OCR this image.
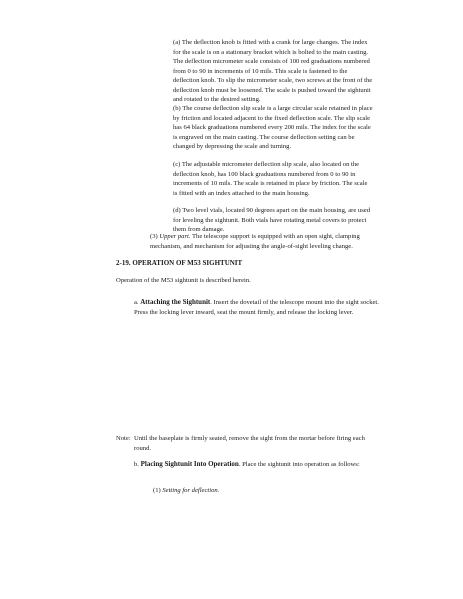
(a) The deflection knob is fitted with a crank for large changes. The index for the scale is on a stationary bracket which is bolted to the main casting. The deflection micrometer scale consists of 100 red graduations numbered from 0 to 90 in increments of 10 mils. This scale is fastened to the deflection knob. To slip the micrometer scale, two screws at the front of the deflection knob must be loosened. The scale is pushed toward the sightunit and rotated to the desired setting.

(b) The course deflection slip scale is a large circular scale retained in place by friction and located adjacent to the fixed deflection scale. The slip scale has 64 black graduations numbered every 200 mils. The index for the scale is engraved on the main casting. The course deflection setting can be changed by depressing the scale and turning.

(c) The adjustable micrometer deflection slip scale, also located on the deflection knob, has 100 black graduations numbered from 0 to 90 in increments of 10 mils. The scale is retained in place by friction. The scale is fitted with an index attached to the main housing.

(d) Two level vials, located 90 degrees apart on the main housing, are used for leveling the sightunit. Both vials have rotating metal covers to protect them from damage.

(3) Upper part. The telescope support is equipped with an open sight, clamping mechanism, and mechanism for adjusting the angle-of-sight leveling change.

2-19. OPERATION OF M53 SIGHTUNIT

Operation of the M53 sightunit is described herein.

a. Attaching the Sightunit. Insert the dovetail of the telescope mount into the sight socket. Press the locking lever inward, seat the mount firmly, and release the locking lever.

Note: Until the baseplate is firmly seated, remove the sight from the mortar before firing each round.

b. Placing Sightunit Into Operation. Place the sightunit into operation as follows:

(1) Setting for deflection.
